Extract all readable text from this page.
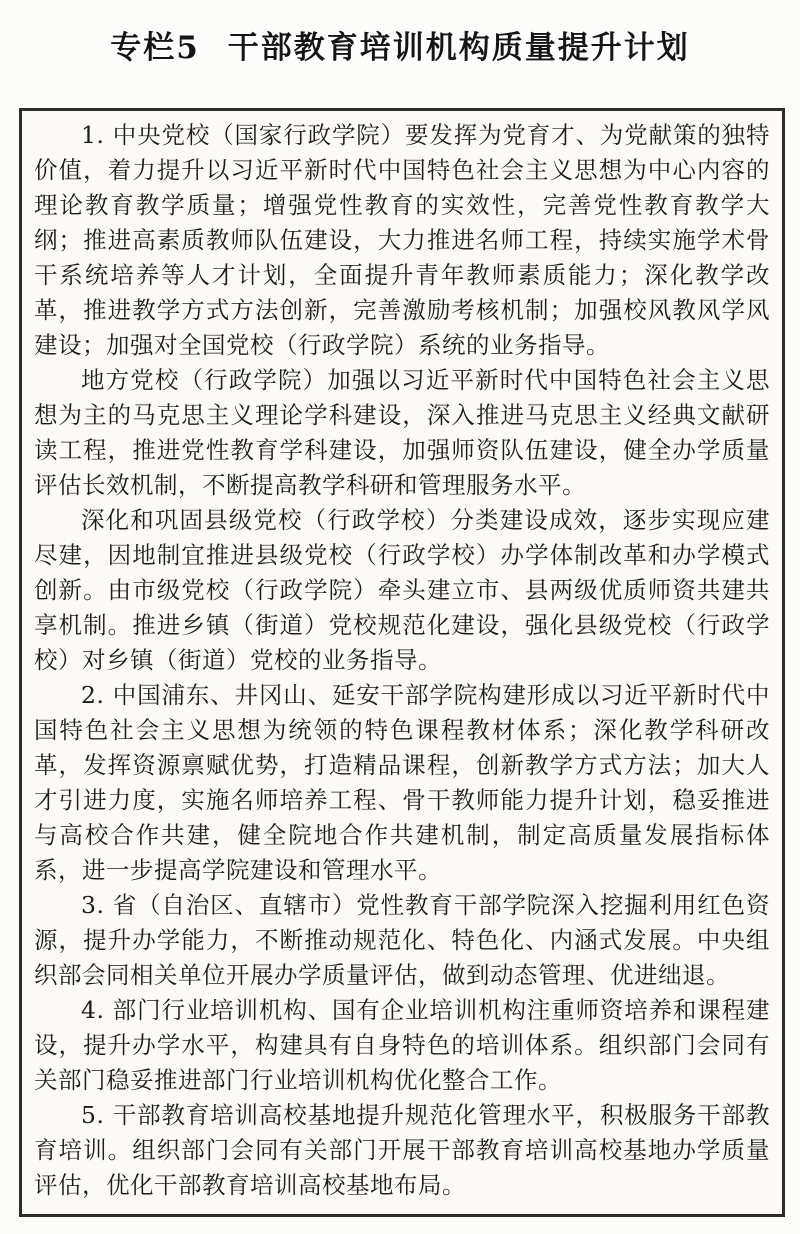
专栏5 干部教育培训机构质量提升计划

1. 中央党校（国家行政学院）要发挥为党育才、为党献策的独特价值，着力提升以习近平新时代中国特色社会主义思想为中心内容的理论教育教学质量；增强党性教育的实效性，完善党性教育教学大纲；推进高素质教师队伍建设，大力推进名师工程，持续实施学术骨干系统培养等人才计划，全面提升青年教师素质能力；深化教学改革，推进教学方式方法创新，完善激励考核机制；加强校风教风学风建设；加强对全国党校（行政学院）系统的业务指导。

地方党校（行政学院）加强以习近平新时代中国特色社会主义思想为主的马克思主义理论学科建设，深入推进马克思主义经典文献研读工程，推进党性教育学科建设，加强师资队伍建设，健全办学质量评估长效机制，不断提高教学科研和管理服务水平。

深化和巩固县级党校（行政学校）分类建设成效，逐步实现应建尽建，因地制宜推进县级党校（行政学校）办学体制改革和办学模式创新。由市级党校（行政学院）牵头建立市、县两级优质师资共建共享机制。推进乡镇（街道）党校规范化建设，强化县级党校（行政学校）对乡镇（街道）党校的业务指导。

2. 中国浦东、井冈山、延安干部学院构建形成以习近平新时代中国特色社会主义思想为统领的特色课程教材体系；深化教学科研改革，发挥资源禀赋优势，打造精品课程，创新教学方式方法；加大人才引进力度，实施名师培养工程、骨干教师能力提升计划，稳妥推进与高校合作共建，健全院地合作共建机制，制定高质量发展指标体系，进一步提高学院建设和管理水平。

3. 省（自治区、直辖市）党性教育干部学院深入挖掘利用红色资源，提升办学能力，不断推动规范化、特色化、内涵式发展。中央组织部会同相关单位开展办学质量评估，做到动态管理、优进绌退。

4. 部门行业培训机构、国有企业培训机构注重师资培养和课程建设，提升办学水平，构建具有自身特色的培训体系。组织部门会同有关部门稳妥推进部门行业培训机构优化整合工作。

5. 干部教育培训高校基地提升规范化管理水平，积极服务干部教育培训。组织部门会同有关部门开展干部教育培训高校基地办学质量评估，优化干部教育培训高校基地布局。
